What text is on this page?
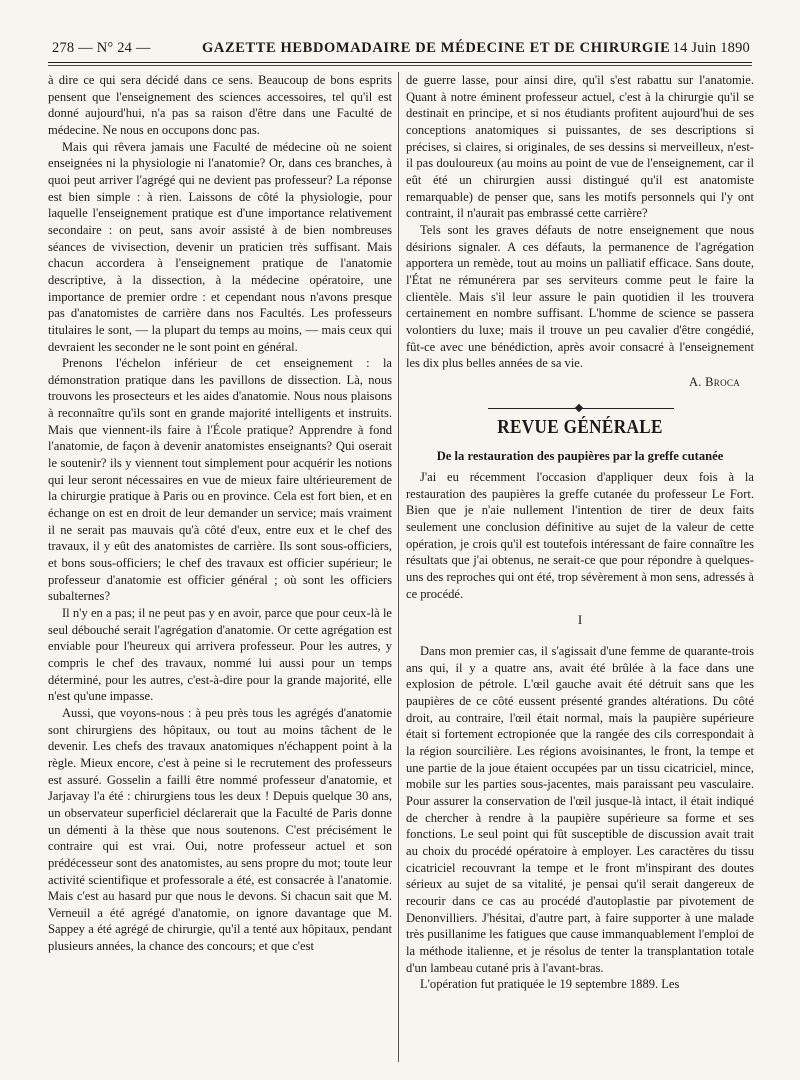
278 — N° 24 —	GAZETTE HEBDOMADAIRE DE MÉDECINE ET DE CHIRURGIE 14 Juin 1890

à dire ce qui sera décidé dans ce sens. Beaucoup de bons esprits pensent que l'enseignement des sciences accessoires, tel qu'il est donné aujourd'hui, n'a pas sa raison d'être dans une Faculté de médecine. Ne nous en occupons donc pas.

Mais qui rêvera jamais une Faculté de médecine où ne soient enseignées ni la physiologie ni l'anatomie? Or, dans ces branches, à quoi peut arriver l'agrégé qui ne devient pas professeur? La réponse est bien simple : à rien. Laissons de côté la physiologie, pour laquelle l'enseignement pratique est d'une importance relativement secondaire : on peut, sans avoir assisté à de bien nombreuses séances de vivisection, devenir un praticien très suffisant. Mais chacun accordera à l'enseignement pratique de l'anatomie descriptive, à la dissection, à la médecine opératoire, une importance de premier ordre : et cependant nous n'avons presque pas d'anatomistes de carrière dans nos Facultés. Les professeurs titulaires le sont, — la plupart du temps au moins, — mais ceux qui devraient les seconder ne le sont point en général.

Prenons l'échelon inférieur de cet enseignement : la démonstration pratique dans les pavillons de dissection. Là, nous trouvons les prosecteurs et les aides d'anatomie. Nous nous plaisons à reconnaître qu'ils sont en grande majorité intelligents et instruits. Mais que viennent-ils faire à l'École pratique? Apprendre à fond l'anatomie, de façon à devenir anatomistes enseignants? Qui oserait le soutenir? ils y viennent tout simplement pour acquérir les notions qui leur seront nécessaires en vue de mieux faire ultérieurement de la chirurgie pratique à Paris ou en province. Cela est fort bien, et en échange on est en droit de leur demander un service; mais vraiment il ne serait pas mauvais qu'à côté d'eux, entre eux et le chef des travaux, il y eût des anatomistes de carrière. Ils sont sous-officiers, et bons sous-officiers; le chef des travaux est officier supérieur; le professeur d'anatomie est officier général ; où sont les officiers subalternes?

Il n'y en a pas; il ne peut pas y en avoir, parce que pour ceux-là le seul débouché serait l'agrégation d'anatomie. Or cette agrégation est enviable pour l'heureux qui arrivera professeur. Pour les autres, y compris le chef des travaux, nommé lui aussi pour un temps déterminé, pour les autres, c'est-à-dire pour la grande majorité, elle n'est qu'une impasse.

Aussi, que voyons-nous : à peu près tous les agrégés d'anatomie sont chirurgiens des hôpitaux, ou tout au moins tâchent de le devenir. Les chefs des travaux anatomiques n'échappent point à la règle. Mieux encore, c'est à peine si le recrutement des professeurs est assuré. Gosselin a failli être nommé professeur d'anatomie, et Jarjavay l'a été : chirurgiens tous les deux ! Depuis quelque 30 ans, un observateur superficiel déclarerait que la Faculté de Paris donne un démenti à la thèse que nous soutenons. C'est précisément le contraire qui est vrai. Oui, notre professeur actuel et son prédécesseur sont des anatomistes, au sens propre du mot; toute leur activité scientifique et professorale a été, est consacrée à l'anatomie. Mais c'est au hasard pur que nous le devons. Si chacun sait que M. Verneuil a été agrégé d'anatomie, on ignore davantage que M. Sappey a été agrégé de chirurgie, qu'il a tenté aux hôpitaux, pendant plusieurs années, la chance des concours; et que c'est

de guerre lasse, pour ainsi dire, qu'il s'est rabattu sur l'anatomie. Quant à notre éminent professeur actuel, c'est à la chirurgie qu'il se destinait en principe, et si nos étudiants profitent aujourd'hui de ses conceptions anatomiques si puissantes, de ses descriptions si précises, si claires, si originales, de ses dessins si merveilleux, n'est-il pas douloureux (au moins au point de vue de l'enseignement, car il eût été un chirurgien aussi distingué qu'il est anatomiste remarquable) de penser que, sans les motifs personnels qui l'y ont contraint, il n'aurait pas embrassé cette carrière?

Tels sont les graves défauts de notre enseignement que nous désirions signaler. A ces défauts, la permanence de l'agrégation apportera un remède, tout au moins un palliatif efficace. Sans doute, l'État ne rémunérera par ses serviteurs comme peut le faire la clientèle. Mais s'il leur assure le pain quotidien il les trouvera certainement en nombre suffisant. L'homme de science se passera volontiers du luxe; mais il trouve un peu cavalier d'être congédié, fût-ce avec une bénédiction, après avoir consacré à l'enseignement les dix plus belles années de sa vie.

A. Broca
REVUE GÉNÉRALE
De la restauration des paupières par la greffe cutanée

J'ai eu récemment l'occasion d'appliquer deux fois à la restauration des paupières la greffe cutanée du professeur Le Fort. Bien que je n'aie nullement l'intention de tirer de deux faits seulement une conclusion définitive au sujet de la valeur de cette opération, je crois qu'il est toutefois intéressant de faire connaître les résultats que j'ai obtenus, ne serait-ce que pour répondre à quelques-uns des reproches qui ont été, trop sévèrement à mon sens, adressés à ce procédé.

I

Dans mon premier cas, il s'agissait d'une femme de quarante-trois ans qui, il y a quatre ans, avait été brûlée à la face dans une explosion de pétrole. L'œil gauche avait été détruit sans que les paupières de ce côté eussent présenté grandes altérations. Du côté droit, au contraire, l'œil était normal, mais la paupière supérieure était si fortement ectropionée que la rangée des cils correspondait à la région sourcilière. Les régions avoisinantes, le front, la tempe et une partie de la joue étaient occupées par un tissu cicatriciel, mince, mobile sur les parties sous-jacentes, mais paraissant peu vasculaire. Pour assurer la conservation de l'œil jusque-là intact, il était indiqué de chercher à rendre à la paupière supérieure sa forme et ses fonctions. Le seul point qui fût susceptible de discussion avait trait au choix du procédé opératoire à employer. Les caractères du tissu cicatriciel recouvrant la tempe et le front m'inspirant des doutes sérieux au sujet de sa vitalité, je pensai qu'il serait dangereux de recourir dans ce cas au procédé d'autoplastie par pivotement de Denonvilliers. J'hésitai, d'autre part, à faire supporter à une malade très pusillanime les fatigues que cause immanquablement l'emploi de la méthode italienne, et je résolus de tenter la transplantation totale d'un lambeau cutané pris à l'avant-bras.

L'opération fut pratiquée le 19 septembre 1889. Les
